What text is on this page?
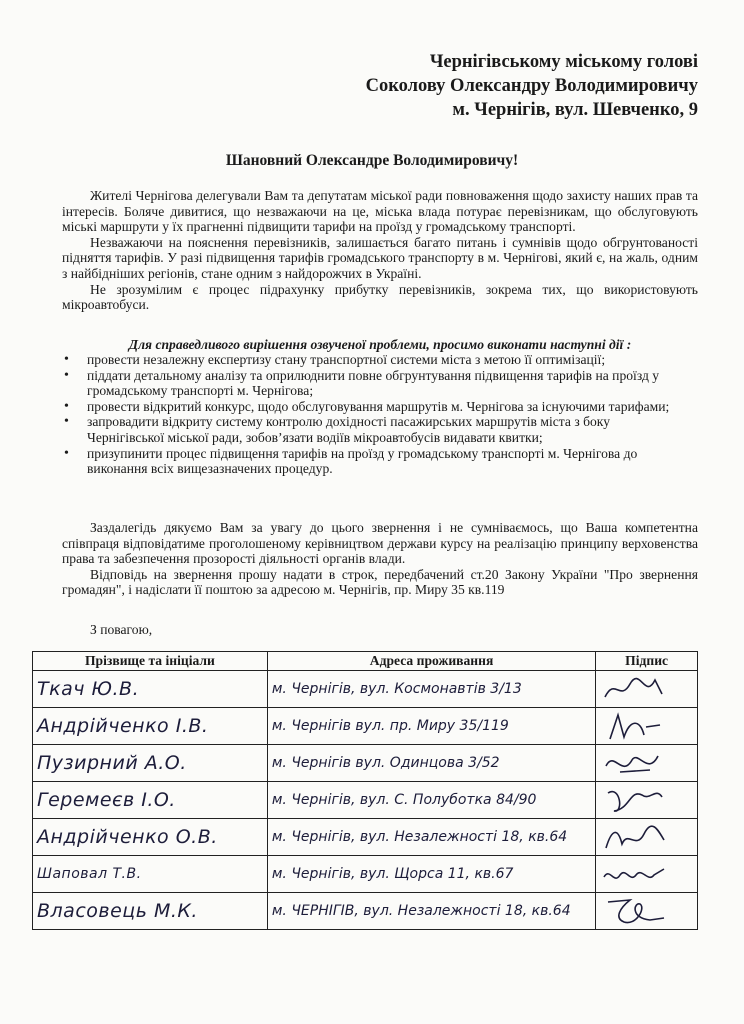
Чернігівському міському голові
Соколову Олександру Володимировичу
м. Чернігів, вул. Шевченко, 9
Шановний Олександре Володимировичу!

Жителі Чернігова делегували Вам та депутатам міської ради повноваження щодо захисту наших прав та інтересів. Боляче дивитися, що незважаючи на це, міська влада потурає перевізникам, що обслуговують міські маршрути у їх прагненні підвищити тарифи на проїзд у громадському транспорті.

Незважаючи на пояснення перевізників, залишається багато питань і сумнівів щодо обгрунтованості підняття тарифів. У разі підвищення тарифів громадського транспорту в м. Чернігові, який є, на жаль, одним з найбідніших регіонів, стане одним з найдорожчих в Україні.

Не зрозумілим є процес підрахунку прибутку перевізників, зокрема тих, що використовують мікроавтобуси.

Для справедливого вирішення озвученої проблеми, просимо виконати наступні дії :
• провести незалежну експертизу стану транспортної системи міста з метою її оптимізації;
• піддати детальному аналізу та оприлюднити повне обгрунтування підвищення тарифів на проїзд у громадському транспорті м. Чернігова;
• провести відкритий конкурс, щодо обслуговування маршрутів м. Чернігова за існуючими тарифами;
• запровадити відкриту систему контролю дохідності пасажирських маршрутів міста з боку Чернігівської міської ради, зобов’язати водіїв мікроавтобусів видавати квитки;
• призупинити процес підвищення тарифів на проїзд у громадському транспорті м. Чернігова до виконання всіх вищезазначених процедур.

Заздалегідь дякуємо Вам за увагу до цього звернення і не сумніваємось, що Ваша компетентна співпраця відповідатиме проголошеному керівництвом держави курсу на реалізацію принципу верховенства права та забезпечення прозорості діяльності органів влади.

Відповідь на звернення прошу надати в строк, передбачений ст.20 Закону України "Про звернення громадян", і надіслати її поштою за адресою м. Чернігів, пр. Миру 35 кв.119

З повагою,
Прізвище та ініціали	Адреса проживання	Підпис
Ткач Ю.В.	м. Чернігів, вул. Космонавтів 3/13	

Андрійченко І.В.	м. Чернігів вул. пр. Миру 35/119	

Пузирний А.О.	м. Чернігів вул. Одинцова 3/52	

Геремеєв І.О.	м. Чернігів, вул. С. Полуботка 84/90	

Андрійченко О.В.	м. Чернігів, вул. Незалежності 18, кв.64	

Шаповал Т.В.	м. Чернігів, вул. Щорса 11, кв.67	

Власовець М.К.	м. ЧЕРНІГІВ, вул. Незалежності 18, кв.64	
